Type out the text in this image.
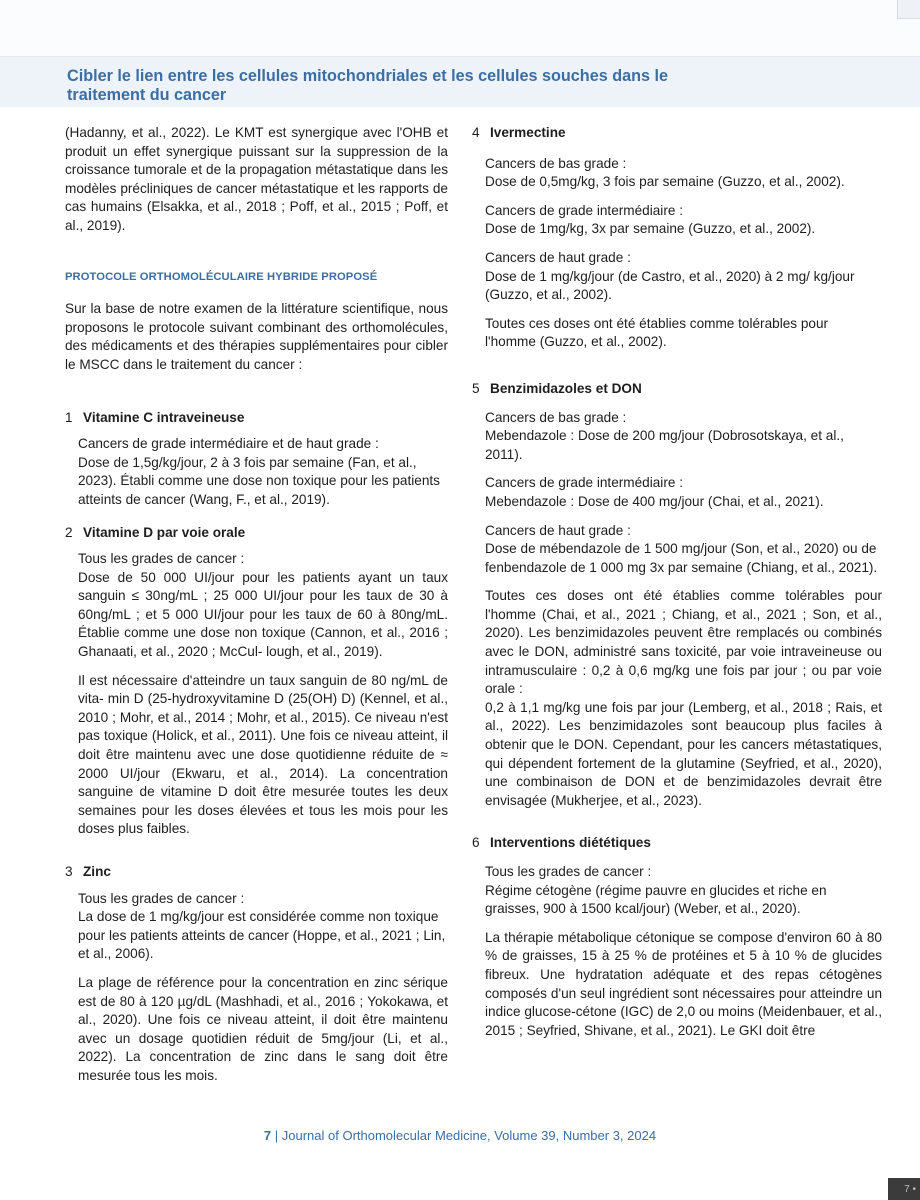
Cibler le lien entre les cellules mitochondriales et les cellules souches dans le traitement du cancer

(Hadanny, et al., 2022). Le KMT est synergique avec l'OHB et produit un effet synergique puissant sur la suppression de la croissance tumorale et de la propagation métastatique dans les modèles précliniques de cancer métastatique et les rapports de cas humains (Elsakka, et al., 2018 ; Poff, et al., 2015 ; Poff, et al., 2019).

PROTOCOLE ORTHOMOLÉCULAIRE HYBRIDE PROPOSÉ

Sur la base de notre examen de la littérature scientifique, nous proposons le protocole suivant combinant des orthomolécules, des médicaments et des thérapies supplémentaires pour cibler le MSCC dans le traitement du cancer :

1 Vitamine C intraveineuse

Cancers de grade intermédiaire et de haut grade :
Dose de 1,5g/kg/jour, 2 à 3 fois par semaine (Fan, et al., 2023). Établi comme une dose non toxique pour les patients atteints de cancer (Wang, F., et al., 2019).

2 Vitamine D par voie orale

Tous les grades de cancer :
Dose de 50 000 UI/jour pour les patients ayant un taux sanguin ≤ 30ng/mL ; 25 000 UI/jour pour les taux de 30 à 60ng/mL ; et 5 000 UI/jour pour les taux de 60 à 80ng/mL. Établie comme une dose non toxique (Cannon, et al., 2016 ; Ghanaati, et al., 2020 ; McCul- lough, et al., 2019).

Il est nécessaire d'atteindre un taux sanguin de 80 ng/mL de vita- min D (25-hydroxyvitamine D (25(OH) D) (Kennel, et al., 2010 ; Mohr, et al., 2014 ; Mohr, et al., 2015). Ce niveau n'est pas toxique (Holick, et al., 2011). Une fois ce niveau atteint, il doit être maintenu avec une dose quotidienne réduite de ≈ 2000 UI/jour (Ekwaru, et al., 2014). La concentration sanguine de vitamine D doit être mesurée toutes les deux semaines pour les doses élevées et tous les mois pour les doses plus faibles.

3 Zinc

Tous les grades de cancer :
La dose de 1 mg/kg/jour est considérée comme non toxique pour les patients atteints de cancer (Hoppe, et al., 2021 ; Lin, et al., 2006).

La plage de référence pour la concentration en zinc sérique est de 80 à 120 µg/dL (Mashhadi, et al., 2016 ; Yokokawa, et al., 2020). Une fois ce niveau atteint, il doit être maintenu avec un dosage quotidien réduit de 5mg/jour (Li, et al., 2022). La concentration de zinc dans le sang doit être mesurée tous les mois.

4 Ivermectine

Cancers de bas grade :
Dose de 0,5mg/kg, 3 fois par semaine (Guzzo, et al., 2002).

Cancers de grade intermédiaire :
Dose de 1mg/kg, 3x par semaine (Guzzo, et al., 2002).

Cancers de haut grade :
Dose de 1 mg/kg/jour (de Castro, et al., 2020) à 2 mg/ kg/jour (Guzzo, et al., 2002).

Toutes ces doses ont été établies comme tolérables pour l'homme (Guzzo, et al., 2002).

5 Benzimidazoles et DON

Cancers de bas grade :
Mebendazole : Dose de 200 mg/jour (Dobrosotskaya, et al., 2011).

Cancers de grade intermédiaire :
Mebendazole : Dose de 400 mg/jour (Chai, et al., 2021).

Cancers de haut grade :
Dose de mébendazole de 1 500 mg/jour (Son, et al., 2020) ou de fenbendazole de 1 000 mg 3x par semaine (Chiang, et al., 2021).

Toutes ces doses ont été établies comme tolérables pour l'homme (Chai, et al., 2021 ; Chiang, et al., 2021 ; Son, et al., 2020). Les benzimidazoles peuvent être remplacés ou combinés avec le DON, administré sans toxicité, par voie intraveineuse ou intramusculaire : 0,2 à 0,6 mg/kg une fois par jour ; ou par voie orale :
0,2 à 1,1 mg/kg une fois par jour (Lemberg, et al., 2018 ; Rais, et al., 2022). Les benzimidazoles sont beaucoup plus faciles à obtenir que le DON. Cependant, pour les cancers métastatiques, qui dépendent fortement de la glutamine (Seyfried, et al., 2020), une combinaison de DON et de benzimidazoles devrait être envisagée (Mukherjee, et al., 2023).

6 Interventions diététiques

Tous les grades de cancer :
Régime cétogène (régime pauvre en glucides et riche en graisses, 900 à 1500 kcal/jour) (Weber, et al., 2020).

La thérapie métabolique cétonique se compose d'environ 60 à 80 % de graisses, 15 à 25 % de protéines et 5 à 10 % de glucides fibreux. Une hydratation adéquate et des repas cétogènes composés d'un seul ingrédient sont nécessaires pour atteindre un indice glucose-cétone (IGC) de 2,0 ou moins (Meidenbauer, et al., 2015 ; Seyfried, Shivane, et al., 2021). Le GKI doit être

7 | Journal of Orthomolecular Medicine, Volume 39, Number 3, 2024
7 •
